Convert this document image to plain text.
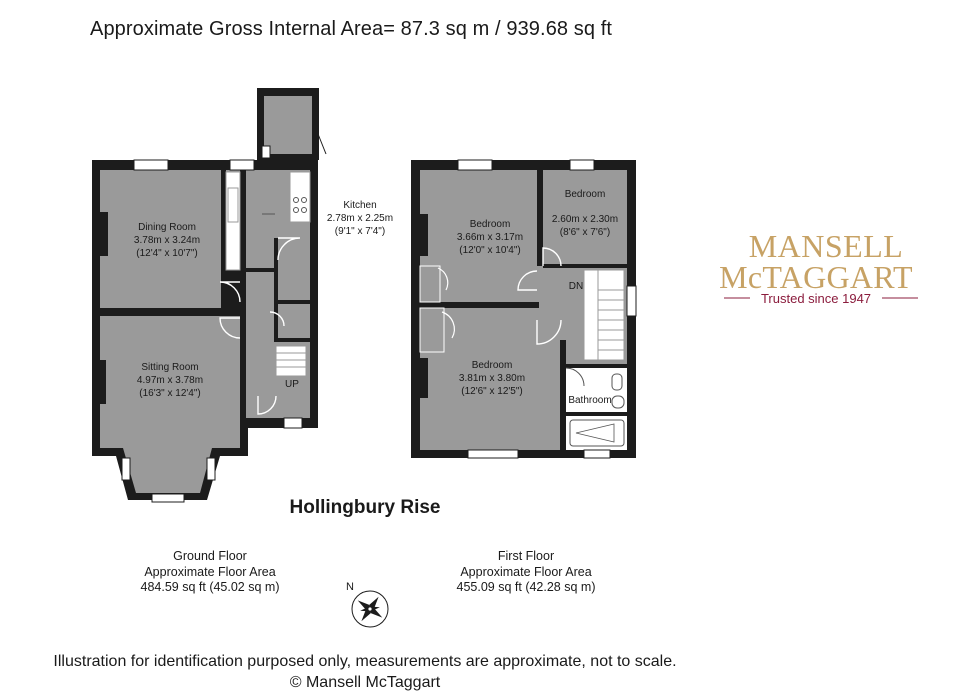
Approximate Gross Internal Area= 87.3 sq m / 939.68 sq ft
Dining Room
3.78m x 3.24m
(12'4" x 10'7")
Sitting Room
4.97m x 3.78m
(16'3" x 12'4")
Kitchen
2.78m x 2.25m
(9'1" x 7'4")
UP
Bedroom
3.66m x 3.17m
(12'0" x 10'4")
Bedroom
2.60m x 2.30m
(8'6" x 7'6")
Bedroom
3.81m x 3.80m
(12'6" x 12'5")
Bathroom
DN
N
MANSELL
McTAGGART
Trusted since 1947
Hollingbury Rise
Ground Floor
Approximate Floor Area
484.59 sq ft (45.02 sq m)
First Floor
Approximate Floor Area
455.09 sq ft (42.28 sq m)
Illustration for identification purposed only, measurements are approximate, not to scale.
© Mansell McTaggart
